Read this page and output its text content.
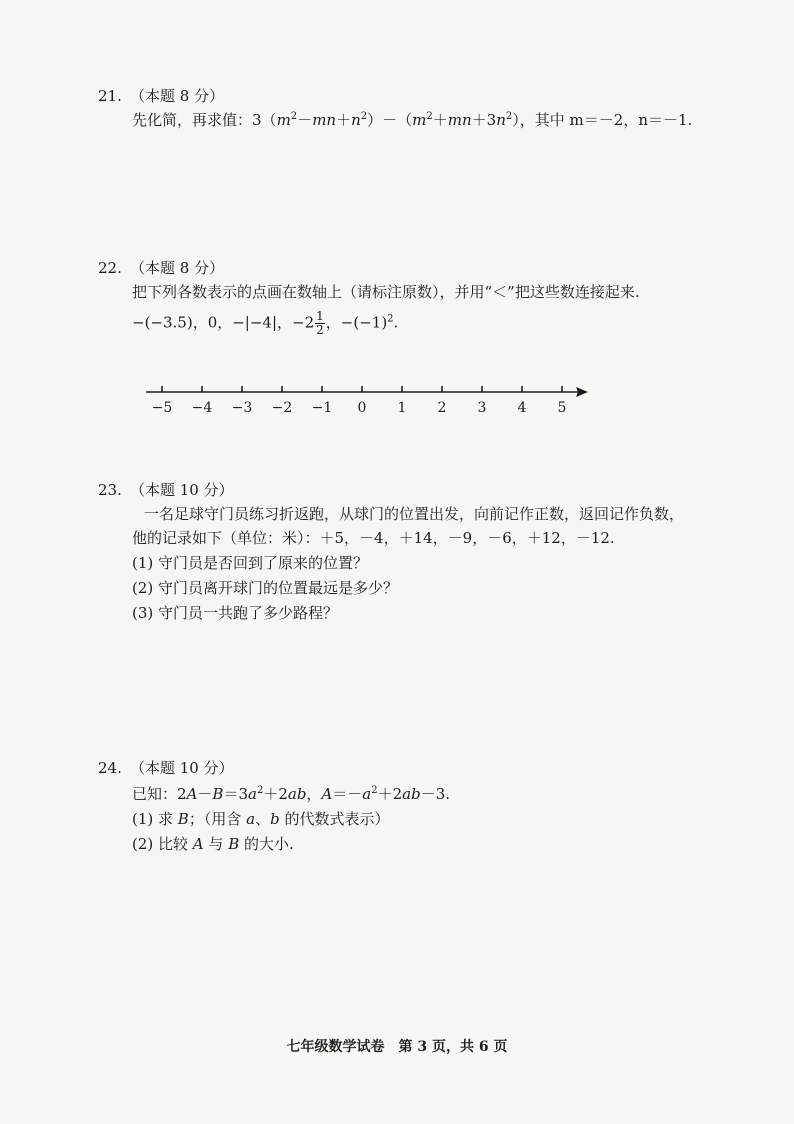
21. （本题 8 分）
先化简，再求值：$3(m^2-mn+n^2)-(m^2+mn+3n^2)$，其中 m＝－2，n＝－1.
22. （本题 8 分）
把下列各数表示的点画在数轴上（请标注原数），并用“＜”把这些数连接起来.
−(−3.5)，0，−|−4|，$-2 \frac{1}{2}$ ，$-(-1)^2$.
−5 −4 −3 −2 −1 0 1 2 3 4 5
23. （本题 10 分）
一名足球守门员练习折返跑，从球门的位置出发，向前记作正数，返回记作负数，
他的记录如下（单位：米）：＋5，－4，＋14，－9，－6，＋12，－12.
(1) 守门员是否回到了原来的位置？
(2) 守门员离开球门的位置最远是多少？
(3) 守门员一共跑了多少路程？
24. （本题 10 分）
已知：$2A-B=3a^2+2ab$，$A=-a^2+2ab-3$.
(1) 求 B；（用含 a、b 的代数式表示）
(2) 比较 A 与 B 的大小.
七年级数学试卷　第 3 页，共 6 页
